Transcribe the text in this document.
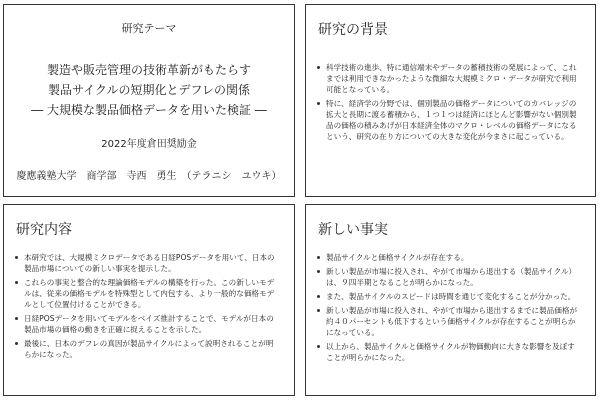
研究テーマ
製造や販売管理の技術革新がもたらす
製品サイクルの短期化とデフレの関係
― 大規模な製品価格データを用いた検証 ―
2022年度倉田奨励金
慶應義塾大学　商学部　寺西　勇生　（テラニシ　ユウキ）
研究の背景
科学技術の進歩、特に通信端末やデータの蓄積技術の発展によって、これまでは利用できなかったような微細な大規模ミクロ・データが研究で利用可能となっている。
特に、経済学の分野では、個別製品の価格データについてのカバレッジの拡大と長期に渡る蓄積から、１つ１つは経済にほとんど影響がない個別製品の価格の積みあげが日本経済全体のマクロ・レベルの価格データになるという、研究の在り方についての大きな変化が今まさに起こっている。
研究内容
本研究では、大規模ミクロデータである日経POSデータを用いて、日本の製品市場についての新しい事実を提示した。
これらの事実と整合的な理論価格モデルの構築を行った。この新しいモデルは、従来の価格モデルを特殊型として内包する、より一般的な価格モデルとして位置付けることができる。
日経POSデータを用いてモデルをベイズ推計することで、モデルが日本の製品市場の価格の動きを正確に捉えることを示した。
最後に、日本のデフレの真因が製品サイクルによって説明されることが明らかになった。
新しい事実
製品サイクルと価格サイクルが存在する。
新しい製品が市場に投入され、やがて市場から退出する（製品サイクル）は、９四半期となることが明らかになった。
また、製品サイクルのスピードは時間を通じて変化することが分かった。
新しい製品が市場に投入され、やがて市場から退出するまでに製品価格が約４０パーセントも低下するという価格サイクルが存在することが明らかになっている。
以上から、製品サイクルと価格サイクルが物価動向に大きな影響を及ぼすことが明らかになった。
